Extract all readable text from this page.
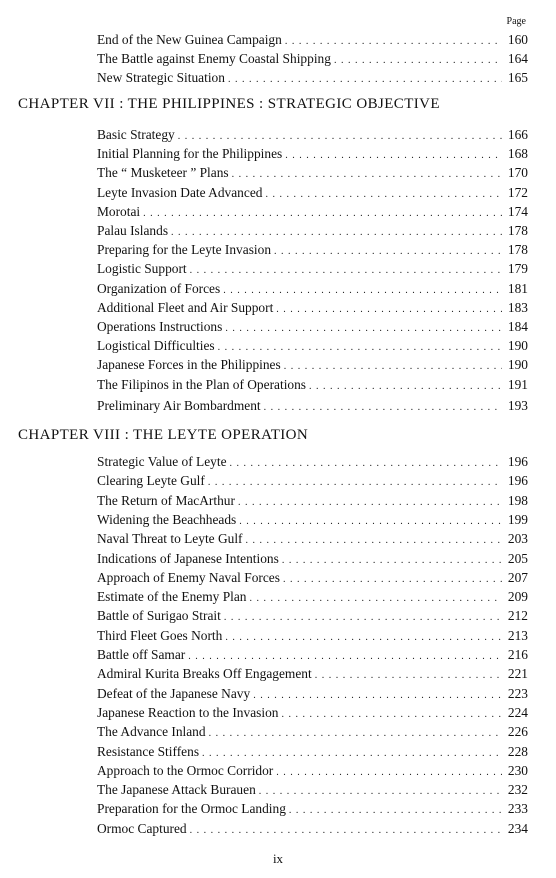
Page
End of the New Guinea Campaign . . .	160
The Battle against Enemy Coastal Shipping . . .	164
New Strategic Situation . . .	165
CHAPTER VII : THE PHILIPPINES : STRATEGIC OBJECTIVE
Basic Strategy . . .	166
Initial Planning for the Philippines . . .	168
The “ Musketeer ” Plans . . .	170
Leyte Invasion Date Advanced . . .	172
Morotai . . .	174
Palau Islands . . .	178
Preparing for the Leyte Invasion . . .	178
Logistic Support . . .	179
Organization of Forces . . .	181
Additional Fleet and Air Support . . .	183
Operations Instructions . . .	184
Logistical Difficulties . . .	190
Japanese Forces in the Philippines . . .	190
The Filipinos in the Plan of Operations . . .	191
Preliminary Air Bombardment . . .	193
CHAPTER VIII : THE LEYTE OPERATION
Strategic Value of Leyte . . .	196
Clearing Leyte Gulf . . .	196
The Return of MacArthur . . .	198
Widening the Beachheads . . .	199
Naval Threat to Leyte Gulf . . .	203
Indications of Japanese Intentions . . .	205
Approach of Enemy Naval Forces . . .	207
Estimate of the Enemy Plan . . .	209
Battle of Surigao Strait . . .	212
Third Fleet Goes North . . .	213
Battle off Samar . . .	216
Admiral Kurita Breaks Off Engagement . . .	221
Defeat of the Japanese Navy . . .	223
Japanese Reaction to the Invasion . . .	224
The Advance Inland . . .	226
Resistance Stiffens . . .	228
Approach to the Ormoc Corridor . . .	230
The Japanese Attack Burauen . . .	232
Preparation for the Ormoc Landing . . .	233
Ormoc Captured . . .	234
ix
